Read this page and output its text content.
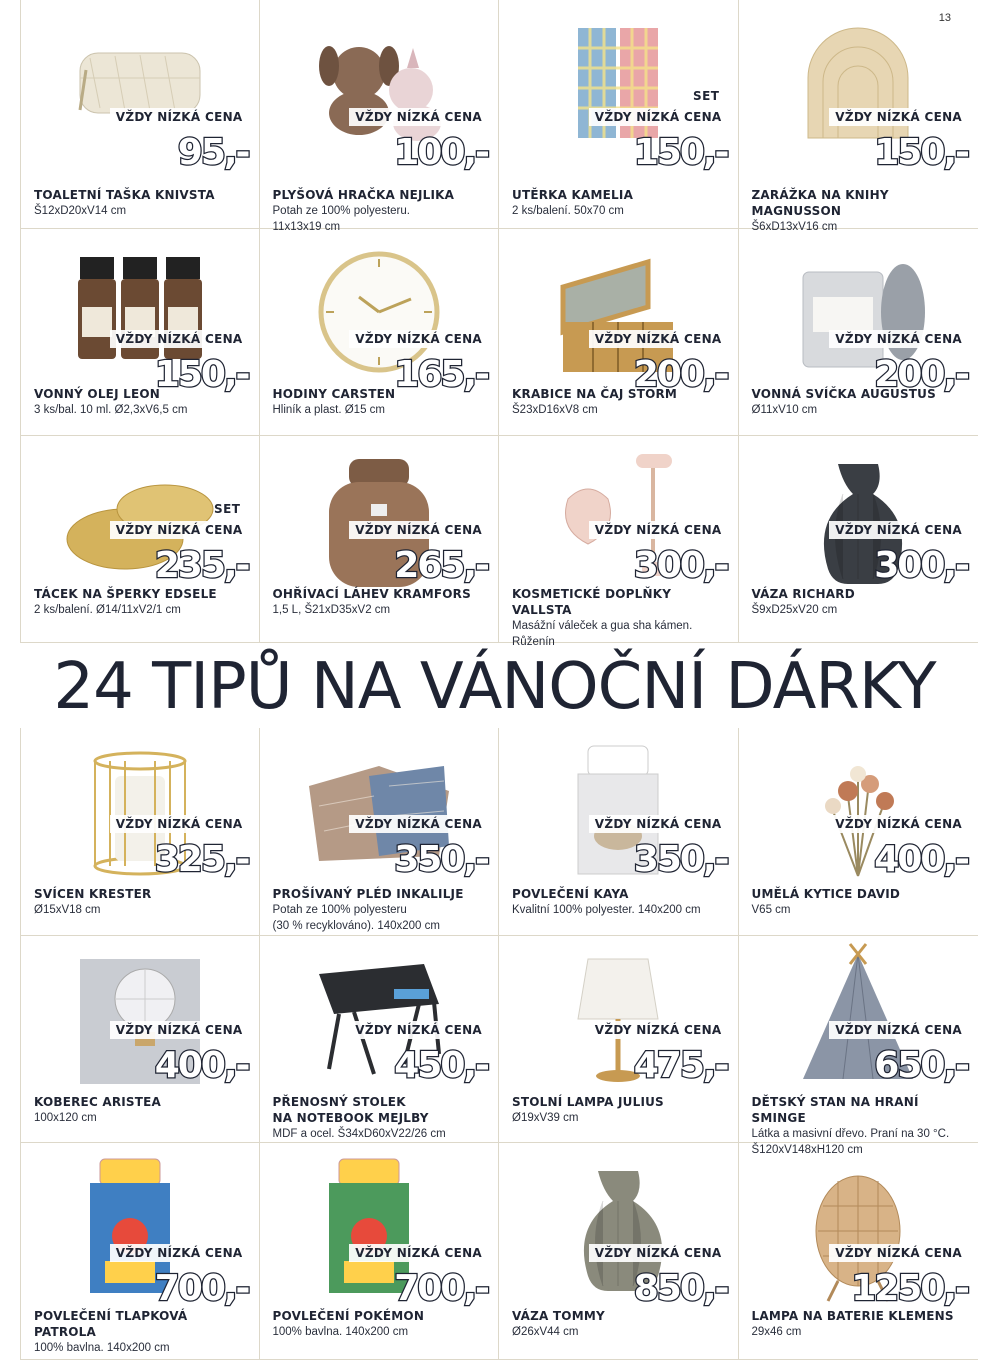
13
VŽDY NÍZKÁ CENA
95,-
TOALETNÍ TAŠKA KNIVSTA
Š12xD20xV14 cm
VŽDY NÍZKÁ CENA
100,-
PLYŠOVÁ HRAČKA NEJLIKA
Potah ze 100% polyesteru.
11x13x19 cm
SET
VŽDY NÍZKÁ CENA
150,-
UTĚRKA KAMELIA
2 ks/balení. 50x70 cm
VŽDY NÍZKÁ CENA
150,-
ZARÁŽKA NA KNIHY MAGNUSSON
Š6xD13xV16 cm
VŽDY NÍZKÁ CENA
150,-
VONNÝ OLEJ LEON
3 ks/bal. 10 ml. Ø2,3xV6,5 cm
VŽDY NÍZKÁ CENA
165,-
HODINY CARSTEN
Hliník a plast. Ø15 cm
VŽDY NÍZKÁ CENA
200,-
KRABICE NA ČAJ STORM
Š23xD16xV8 cm
VŽDY NÍZKÁ CENA
200,-
VONNÁ SVÍČKA AUGUSTUS
Ø11xV10 cm
SET
VŽDY NÍZKÁ CENA
235,-
TÁCEK NA ŠPERKY EDSELE
2 ks/balení. Ø14/11xV2/1 cm
VŽDY NÍZKÁ CENA
265,-
OHŘÍVACÍ LÁHEV KRAMFORS
1,5 L, Š21xD35xV2 cm
VŽDY NÍZKÁ CENA
300,-
KOSMETICKÉ DOPLŇKY VALLSTA
Masážní váleček a gua sha kámen.
Růženín
VŽDY NÍZKÁ CENA
300,-
VÁZA RICHARD
Š9xD25xV20 cm
24 TIPŮ NA VÁNOČNÍ DÁRKY
VŽDY NÍZKÁ CENA
325,-
SVÍCEN KRESTER
Ø15xV18 cm
VŽDY NÍZKÁ CENA
350,-
PROŠÍVANÝ PLÉD INKALILJE
Potah ze 100% polyesteru
(30 % recyklováno). 140x200 cm
VŽDY NÍZKÁ CENA
350,-
POVLEČENÍ KAYA
Kvalitní 100% polyester. 140x200 cm
VŽDY NÍZKÁ CENA
400,-
UMĚLÁ KYTICE DAVID
V65 cm
VŽDY NÍZKÁ CENA
400,-
KOBEREC ARISTEA
100x120 cm
VŽDY NÍZKÁ CENA
450,-
PŘENOSNÝ STOLEK
NA NOTEBOOK MEJLBY
MDF a ocel. Š34xD60xV22/26 cm
VŽDY NÍZKÁ CENA
475,-
STOLNÍ LAMPA JULIUS
Ø19xV39 cm
VŽDY NÍZKÁ CENA
650,-
DĚTSKÝ STAN NA HRANÍ SMINGE
Látka a masivní dřevo. Praní na 30 °C.
Š120xV148xH120 cm
VŽDY NÍZKÁ CENA
700,-
POVLEČENÍ TLAPKOVÁ PATROLA
100% bavlna. 140x200 cm
VŽDY NÍZKÁ CENA
700,-
POVLEČENÍ POKÉMON
100% bavlna. 140x200 cm
VŽDY NÍZKÁ CENA
850,-
VÁZA TOMMY
Ø26xV44 cm
VŽDY NÍZKÁ CENA
1250,-
LAMPA NA BATERIE KLEMENS
29x46 cm
